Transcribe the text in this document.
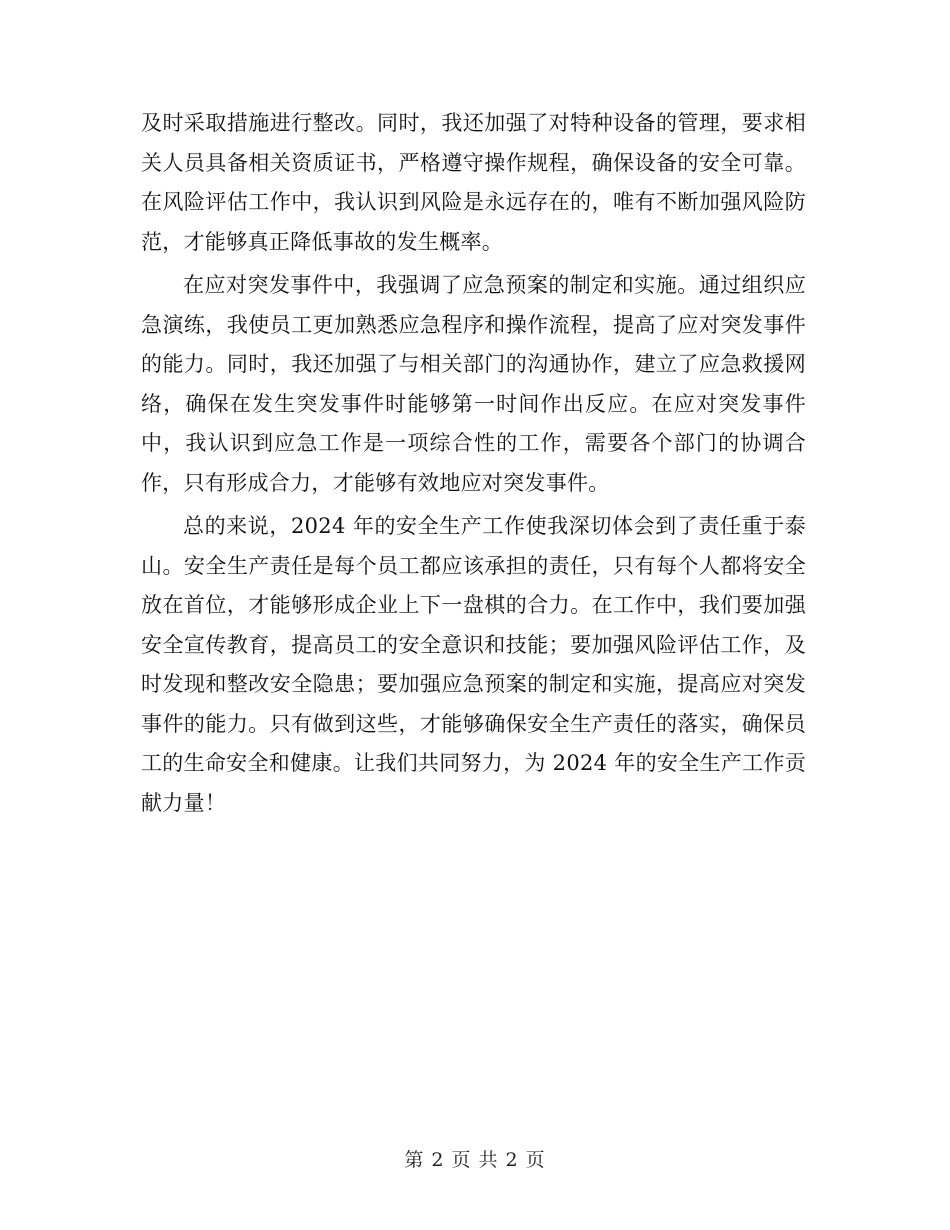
及时采取措施进行整改。同时，我还加强了对特种设备的管理，要求相关人员具备相关资质证书，严格遵守操作规程，确保设备的安全可靠。在风险评估工作中，我认识到风险是永远存在的，唯有不断加强风险防范，才能够真正降低事故的发生概率。

在应对突发事件中，我强调了应急预案的制定和实施。通过组织应急演练，我使员工更加熟悉应急程序和操作流程，提高了应对突发事件的能力。同时，我还加强了与相关部门的沟通协作，建立了应急救援网络，确保在发生突发事件时能够第一时间作出反应。在应对突发事件中，我认识到应急工作是一项综合性的工作，需要各个部门的协调合作，只有形成合力，才能够有效地应对突发事件。

总的来说，2024 年的安全生产工作使我深切体会到了责任重于泰山。安全生产责任是每个员工都应该承担的责任，只有每个人都将安全放在首位，才能够形成企业上下一盘棋的合力。在工作中，我们要加强安全宣传教育，提高员工的安全意识和技能；要加强风险评估工作，及时发现和整改安全隐患；要加强应急预案的制定和实施，提高应对突发事件的能力。只有做到这些，才能够确保安全生产责任的落实，确保员工的生命安全和健康。让我们共同努力，为 2024 年的安全生产工作贡献力量！

第 2 页 共 2 页
